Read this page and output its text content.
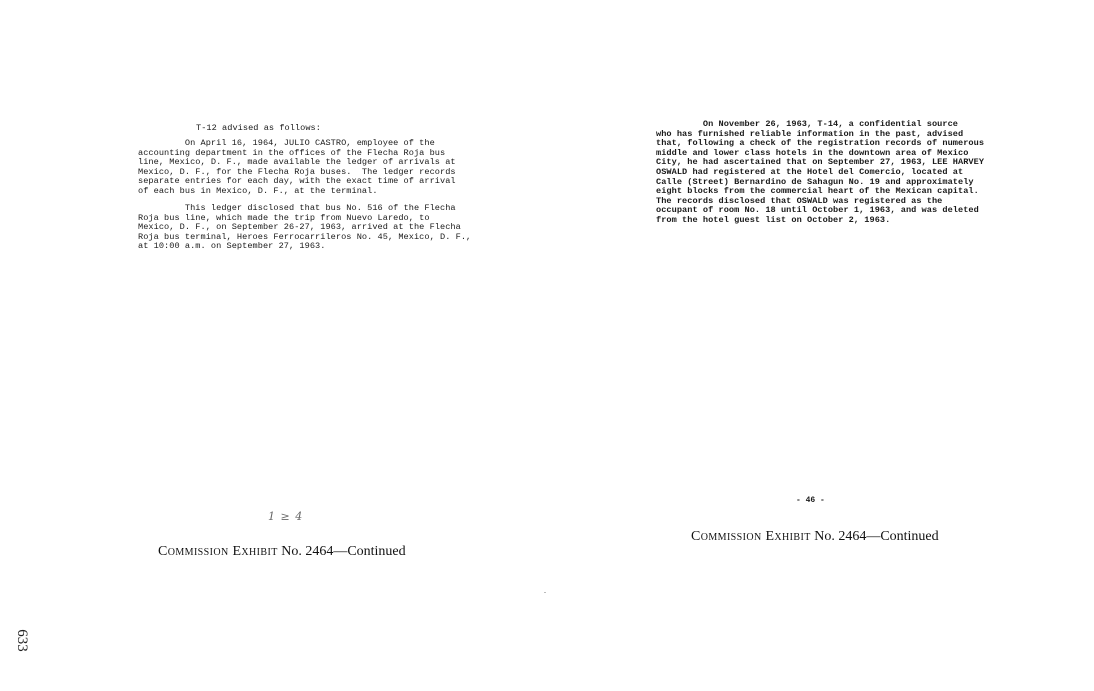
T-12 advised as follows:
On April 16, 1964, JULIO CASTRO, employee of the
accounting department in the offices of the Flecha Roja bus
line, Mexico, D. F., made available the ledger of arrivals at
Mexico, D. F., for the Flecha Roja buses.  The ledger records
separate entries for each day, with the exact time of arrival
of each bus in Mexico, D. F., at the terminal.
This ledger disclosed that bus No. 516 of the Flecha
Roja bus line, which made the trip from Nuevo Laredo, to
Mexico, D. F., on September 26-27, 1963, arrived at the Flecha
Roja bus terminal, Heroes Ferrocarrileros No. 45, Mexico, D. F.,
at 10:00 a.m. on September 27, 1963.
1 ≥ 4
Commission Exhibit No. 2464—Continued
On November 26, 1963, T-14, a confidential source
who has furnished reliable information in the past, advised
that, following a check of the registration records of numerous
middle and lower class hotels in the downtown area of Mexico
City, he had ascertained that on September 27, 1963, LEE HARVEY
OSWALD had registered at the Hotel del Comercio, located at
Calle (Street) Bernardino de Sahagun No. 19 and approximately
eight blocks from the commercial heart of the Mexican capital.
The records disclosed that OSWALD was registered as the
occupant of room No. 18 until October 1, 1963, and was deleted
from the hotel guest list on October 2, 1963.
- 46 -
Commission Exhibit No. 2464—Continued
633
